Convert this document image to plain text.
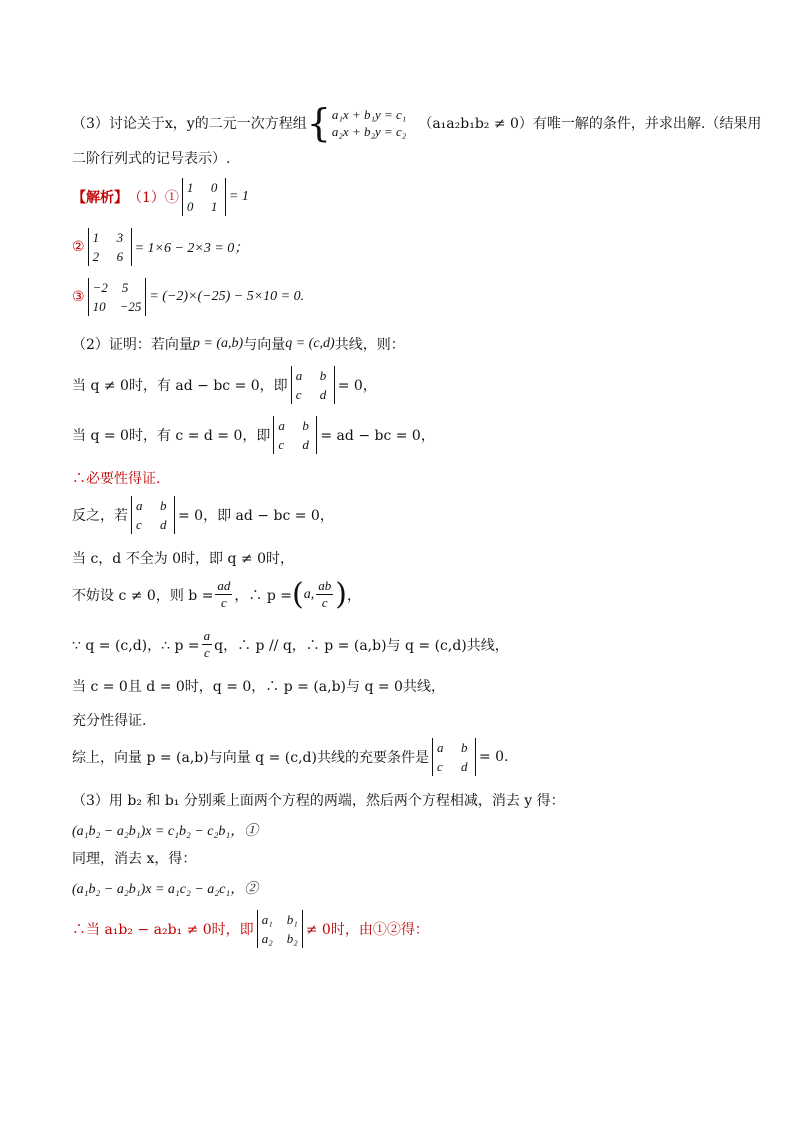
（3）讨论关于x，y的二元一次方程组 { a₁x + b₁y = c₁
a₂x + b₂y = c₂ （a₁a₂b₁b₂ ≠ 0） 有唯一解的条件，并求出解.（结果用
二阶行列式的记号表示）.
【解析】 （1）①
1 0
0 1
= 1
②
1 3
2 6
= 1×6 − 2×3 = 0；
③
−2 5
10 −25
= (−2)×(−25) − 5×10 = 0.
（2）证明：若向量 p = (a,b) 与向量 q = (c,d) 共线，则：
当 q ≠ 0时，有 ad − bc = 0，即
a b
c	d
= 0，
当 q = 0时，有 c = d = 0，即
a b
c	d
= ad − bc = 0，
∴必要性得证.
反之，若
a b
c	d
= 0，即 ad − bc = 0，
当 c，d 不全为 0时，即 q ≠ 0时，
不妨设 c ≠ 0，则 $b = \frac{ad}{c}$ ，∴ p = ( a, $\frac{ab}{c}$ ) ，
∵ q = (c,d)，∴ $p = \frac{a}{c}$ q，∴ p // q，∴ p = (a,b)与 q = (c,d)共线，
当 c = 0且 d = 0时，q = 0，∴ p = (a,b)与 q = 0共线，
充分性得证.
综上，向量 p = (a,b)与向量 q = (c,d)共线的充要条件是
a b
c	d
= 0.
（3）用 b₂ 和 b₁ 分别乘上面两个方程的两端，然后两个方程相减，消去 y 得：
(a₁b₂ − a₂b₁)x = c₁b₂ − c₂b₁，①
同理，消去 x，得：
(a₁b₂ − a₂b₁)x = a₁c₂ − a₂c₁，②
∴当 a₁b₂ − a₂b₁ ≠ 0时，即
a₁ b₁
a₂ b₂
≠ 0时，由①②得：
